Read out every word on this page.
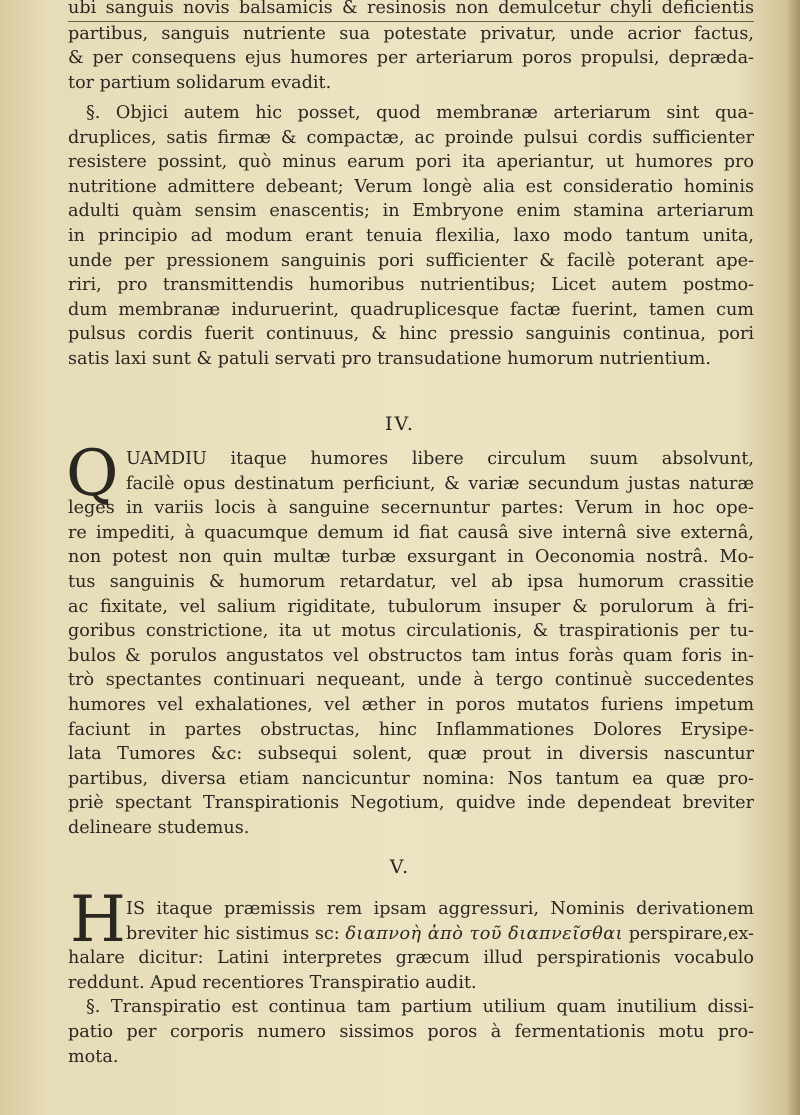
ubi sanguis novis balsamicis & resinosis non demulcetur chyli deficientis
partibus, sanguis nutriente sua potestate privatur, unde acrior factus,
& per consequens ejus humores per arteriarum poros propulsi, depræda-
tor partium solidarum evadit.
§. Objici autem hic posset, quod membranæ arteriarum sint qua-
druplices, satis firmæ & compactæ, ac proinde pulsui cordis sufficienter
resistere possint, quò minus earum pori ita aperiantur, ut humores pro
nutritione admittere debeant; Verum longè alia est consideratio hominis
adulti quàm sensim enascentis; in Embryone enim stamina arteriarum
in principio ad modum erant tenuia flexilia, laxo modo tantum unita,
unde per pressionem sanguinis pori sufficienter & facilè poterant ape-
riri, pro transmittendis humoribus nutrientibus; Licet autem postmo-
dum membranæ induruerint, quadruplicesque factæ fuerint, tamen cum
pulsus cordis fuerit continuus, & hinc pressio sanguinis continua, pori
satis laxi sunt & patuli servati pro transudatione humorum nutrientium.
IV.
Q UAMDIU itaque humores libere circulum suum absolvunt,
facilè opus destinatum perficiunt, & variæ secundum justas naturæ
leges in variis locis à sanguine secernuntur partes: Verum in hoc ope-
re impediti, à quacumque demum id fiat causâ sive internâ sive externâ,
non potest non quin multæ turbæ exsurgant in Oeconomia nostrâ. Mo-
tus sanguinis & humorum retardatur, vel ab ipsa humorum crassitie
ac fixitate, vel salium rigiditate, tubulorum insuper & porulorum à fri-
goribus constrictione, ita ut motus circulationis, & traspirationis per tu-
bulos & porulos angustatos vel obstructos tam intus foràs quam foris in-
trò spectantes continuari nequeant, unde à tergo continuè succedentes
humores vel exhalationes, vel æther in poros mutatos furiens impetum
faciunt in partes obstructas, hinc Inflammationes Dolores Erysipe-
lata Tumores &c: subsequi solent, quæ prout in diversis nascuntur
partibus, diversa etiam nancicuntur nomina: Nos tantum ea quæ pro-
priè spectant Transpirationis Negotium, quidve inde dependeat breviter
delineare studemus.
V.
H IS itaque præmissis rem ipsam aggressuri, Nominis derivationem
breviter hic sistimus sc: διαπνοὴ ἀπὸ τοῦ διαπνεῖσθαι perspirare,ex-
halare dicitur: Latini interpretes græcum illud perspirationis vocabulo
reddunt. Apud recentiores Transpiratio audit.
§. Transpiratio est continua tam partium utilium quam inutilium dissi-
patio per corporis numero sissimos poros à fermentationis motu pro-
mota.
